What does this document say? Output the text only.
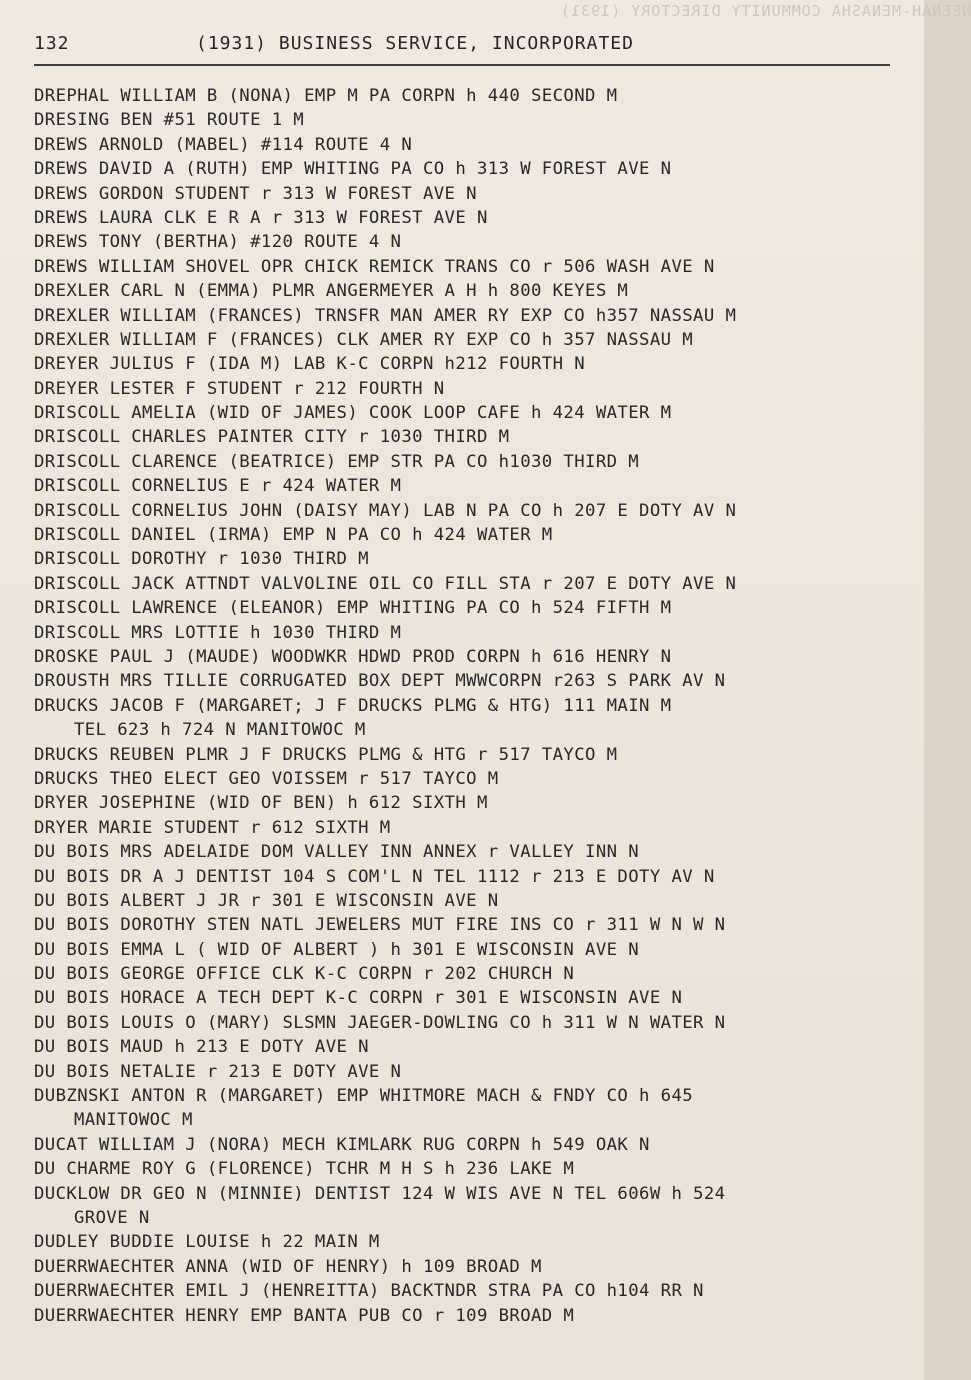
NEENAH-MENASHA COMMUNITY DIRECTORY (1931)
132	(1931) BUSINESS SERVICE, INCORPORATED
DREPHAL WILLIAM B (NONA) EMP M PA CORPN h 440 SECOND M
DRESING BEN #51 ROUTE 1 M
DREWS ARNOLD (MABEL) #114 ROUTE 4 N
DREWS DAVID A (RUTH) EMP WHITING PA CO h 313 W FOREST AVE N
DREWS GORDON STUDENT r 313 W FOREST AVE N
DREWS LAURA CLK E R A r 313 W FOREST AVE N
DREWS TONY (BERTHA) #120 ROUTE 4 N
DREWS WILLIAM SHOVEL OPR CHICK REMICK TRANS CO r 506 WASH AVE N
DREXLER CARL N (EMMA) PLMR ANGERMEYER A H h 800 KEYES M
DREXLER WILLIAM (FRANCES) TRNSFR MAN AMER RY EXP CO h357 NASSAU M
DREXLER WILLIAM F (FRANCES) CLK AMER RY EXP CO h 357 NASSAU M
DREYER JULIUS F (IDA M) LAB K-C CORPN h212 FOURTH N
DREYER LESTER F STUDENT r 212 FOURTH N
DRISCOLL AMELIA (WID OF JAMES) COOK LOOP CAFE h 424 WATER M
DRISCOLL CHARLES PAINTER CITY r 1030 THIRD M
DRISCOLL CLARENCE (BEATRICE) EMP STR PA CO h1030 THIRD M
DRISCOLL CORNELIUS E r 424 WATER M
DRISCOLL CORNELIUS JOHN (DAISY MAY) LAB N PA CO h 207 E DOTY AV N
DRISCOLL DANIEL (IRMA) EMP N PA CO h 424 WATER M
DRISCOLL DOROTHY r 1030 THIRD M
DRISCOLL JACK ATTNDT VALVOLINE OIL CO FILL STA r 207 E DOTY AVE N
DRISCOLL LAWRENCE (ELEANOR) EMP WHITING PA CO h 524 FIFTH M
DRISCOLL MRS LOTTIE h 1030 THIRD M
DROSKE PAUL J (MAUDE) WOODWKR HDWD PROD CORPN h 616 HENRY N
DROUSTH MRS TILLIE CORRUGATED BOX DEPT MWWCORPN r263 S PARK AV N
DRUCKS JACOB F (MARGARET; J F DRUCKS PLMG & HTG) 111 MAIN M
TEL 623 h 724 N MANITOWOC M
DRUCKS REUBEN PLMR J F DRUCKS PLMG & HTG r 517 TAYCO M
DRUCKS THEO ELECT GEO VOISSEM r 517 TAYCO M
DRYER JOSEPHINE (WID OF BEN) h 612 SIXTH M
DRYER MARIE STUDENT r 612 SIXTH M
DU BOIS MRS ADELAIDE DOM VALLEY INN ANNEX r VALLEY INN N
DU BOIS DR A J DENTIST 104 S COM'L N TEL 1112 r 213 E DOTY AV N
DU BOIS ALBERT J JR r 301 E WISCONSIN AVE N
DU BOIS DOROTHY STEN NATL JEWELERS MUT FIRE INS CO r 311 W N W N
DU BOIS EMMA L ( WID OF ALBERT ) h 301 E WISCONSIN AVE N
DU BOIS GEORGE OFFICE CLK K-C CORPN r 202 CHURCH N
DU BOIS HORACE A TECH DEPT K-C CORPN r 301 E WISCONSIN AVE N
DU BOIS LOUIS O (MARY) SLSMN JAEGER-DOWLING CO h 311 W N WATER N
DU BOIS MAUD h 213 E DOTY AVE N
DU BOIS NETALIE r 213 E DOTY AVE N
DUBZNSKI ANTON R (MARGARET) EMP WHITMORE MACH & FNDY CO h 645
MANITOWOC M
DUCAT WILLIAM J (NORA) MECH KIMLARK RUG CORPN h 549 OAK N
DU CHARME ROY G (FLORENCE) TCHR M H S h 236 LAKE M
DUCKLOW DR GEO N (MINNIE) DENTIST 124 W WIS AVE N TEL 606W h 524
GROVE N
DUDLEY BUDDIE LOUISE h 22 MAIN M
DUERRWAECHTER ANNA (WID OF HENRY) h 109 BROAD M
DUERRWAECHTER EMIL J (HENREITTA) BACKTNDR STRA PA CO h104 RR N
DUERRWAECHTER HENRY EMP BANTA PUB CO r 109 BROAD M
